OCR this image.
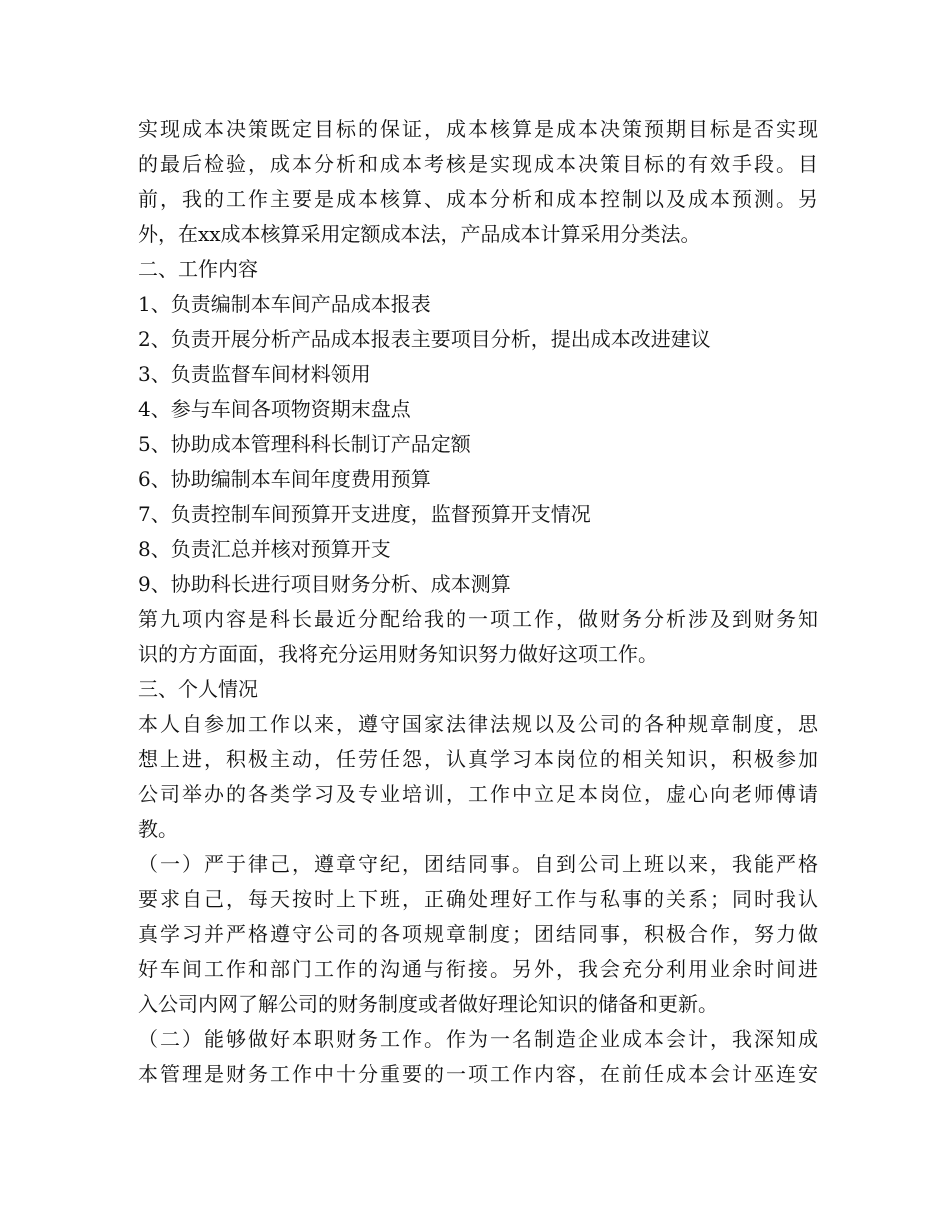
实现成本决策既定目标的保证，成本核算是成本决策预期目标是否实现
的最后检验，成本分析和成本考核是实现成本决策目标的有效手段。目
前，我的工作主要是成本核算、成本分析和成本控制以及成本预测。另
外，在xx成本核算采用定额成本法，产品成本计算采用分类法。
二、工作内容
1、负责编制本车间产品成本报表
2、负责开展分析产品成本报表主要项目分析，提出成本改进建议
3、负责监督车间材料领用
4、参与车间各项物资期末盘点
5、协助成本管理科科长制订产品定额
6、协助编制本车间年度费用预算
7、负责控制车间预算开支进度，监督预算开支情况
8、负责汇总并核对预算开支
9、协助科长进行项目财务分析、成本测算
第九项内容是科长最近分配给我的一项工作，做财务分析涉及到财务知
识的方方面面，我将充分运用财务知识努力做好这项工作。
三、个人情况
本人自参加工作以来，遵守国家法律法规以及公司的各种规章制度，思
想上进，积极主动，任劳任怨，认真学习本岗位的相关知识，积极参加
公司举办的各类学习及专业培训，工作中立足本岗位，虚心向老师傅请
教。
（一）严于律己，遵章守纪，团结同事。自到公司上班以来，我能严格
要求自己，每天按时上下班，正确处理好工作与私事的关系；同时我认
真学习并严格遵守公司的各项规章制度；团结同事，积极合作，努力做
好车间工作和部门工作的沟通与衔接。另外，我会充分利用业余时间进
入公司内网了解公司的财务制度或者做好理论知识的储备和更新。
（二）能够做好本职财务工作。作为一名制造企业成本会计，我深知成
本管理是财务工作中十分重要的一项工作内容，在前任成本会计巫连安
